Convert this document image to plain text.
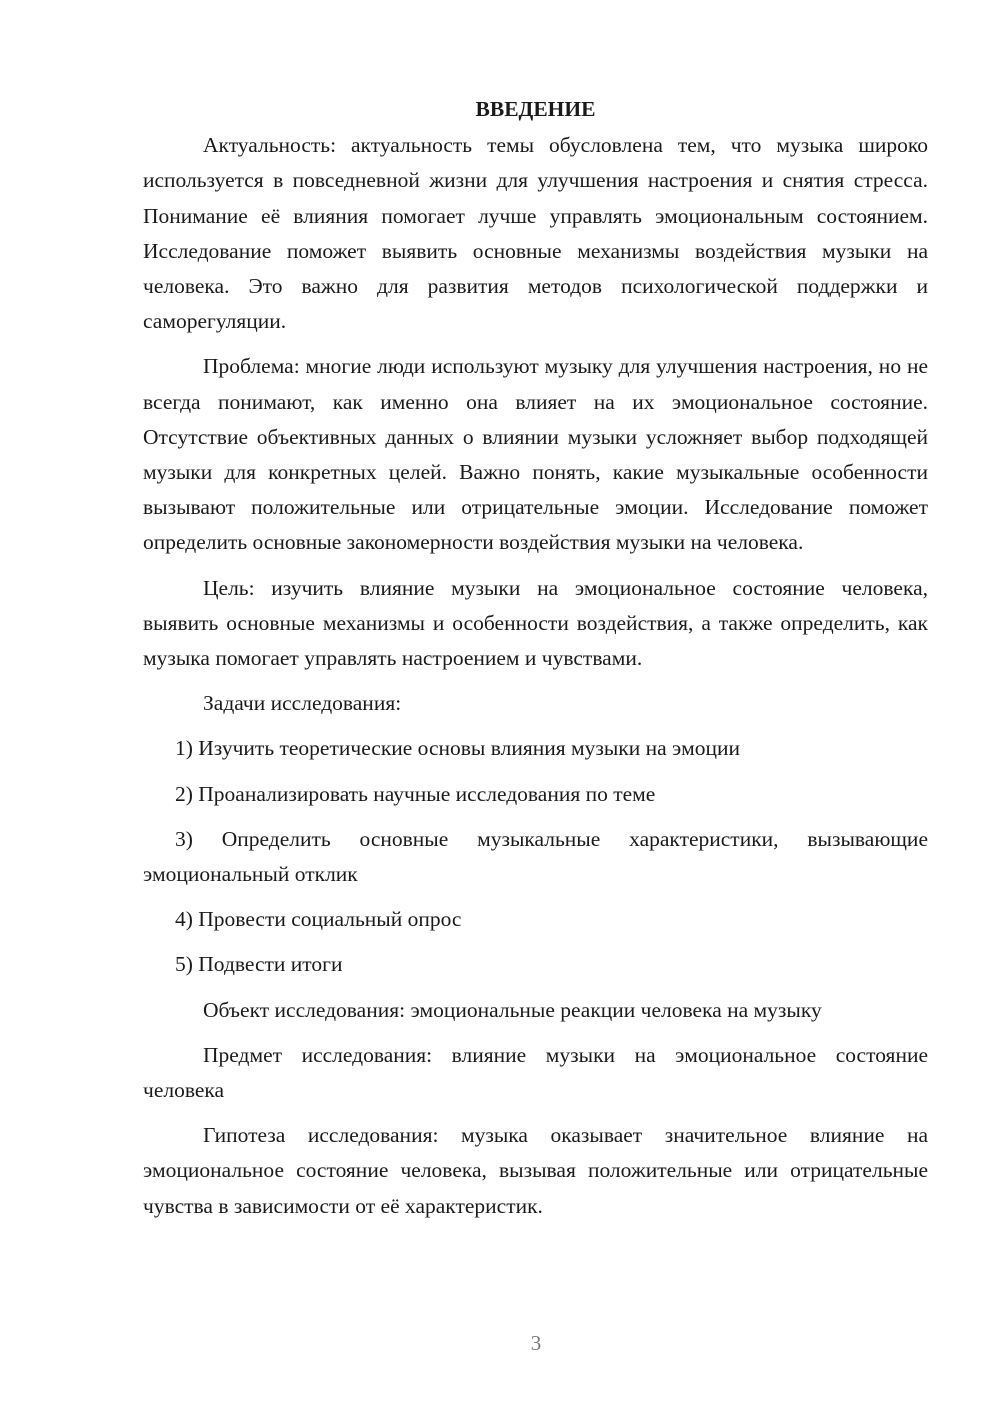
ВВЕДЕНИЕ

Актуальность: актуальность темы обусловлена тем, что музыка широко используется в повседневной жизни для улучшения настроения и снятия стресса. Понимание её влияния помогает лучше управлять эмоциональным состоянием. Исследование поможет выявить основные механизмы воздействия музыки на человека. Это важно для развития методов психологической поддержки и саморегуляции.

Проблема: многие люди используют музыку для улучшения настроения, но не всегда понимают, как именно она влияет на их эмоциональное состояние. Отсутствие объективных данных о влиянии музыки усложняет выбор подходящей музыки для конкретных целей. Важно понять, какие музыкальные особенности вызывают положительные или отрицательные эмоции. Исследование поможет определить основные закономерности воздействия музыки на человека.

Цель: изучить влияние музыки на эмоциональное состояние человека, выявить основные механизмы и особенности воздействия, а также определить, как музыка помогает управлять настроением и чувствами.

Задачи исследования:
1) Изучить теоретические основы влияния музыки на эмоции
2) Проанализировать научные исследования по теме
3) Определить основные музыкальные характеристики, вызывающие эмоциональный отклик
4) Провести социальный опрос
5) Подвести итоги
Объект исследования: эмоциональные реакции человека на музыку

Предмет исследования: влияние музыки на эмоциональное состояние человека

Гипотеза исследования: музыка оказывает значительное влияние на эмоциональное состояние человека, вызывая положительные или отрицательные чувства в зависимости от её характеристик.

3
